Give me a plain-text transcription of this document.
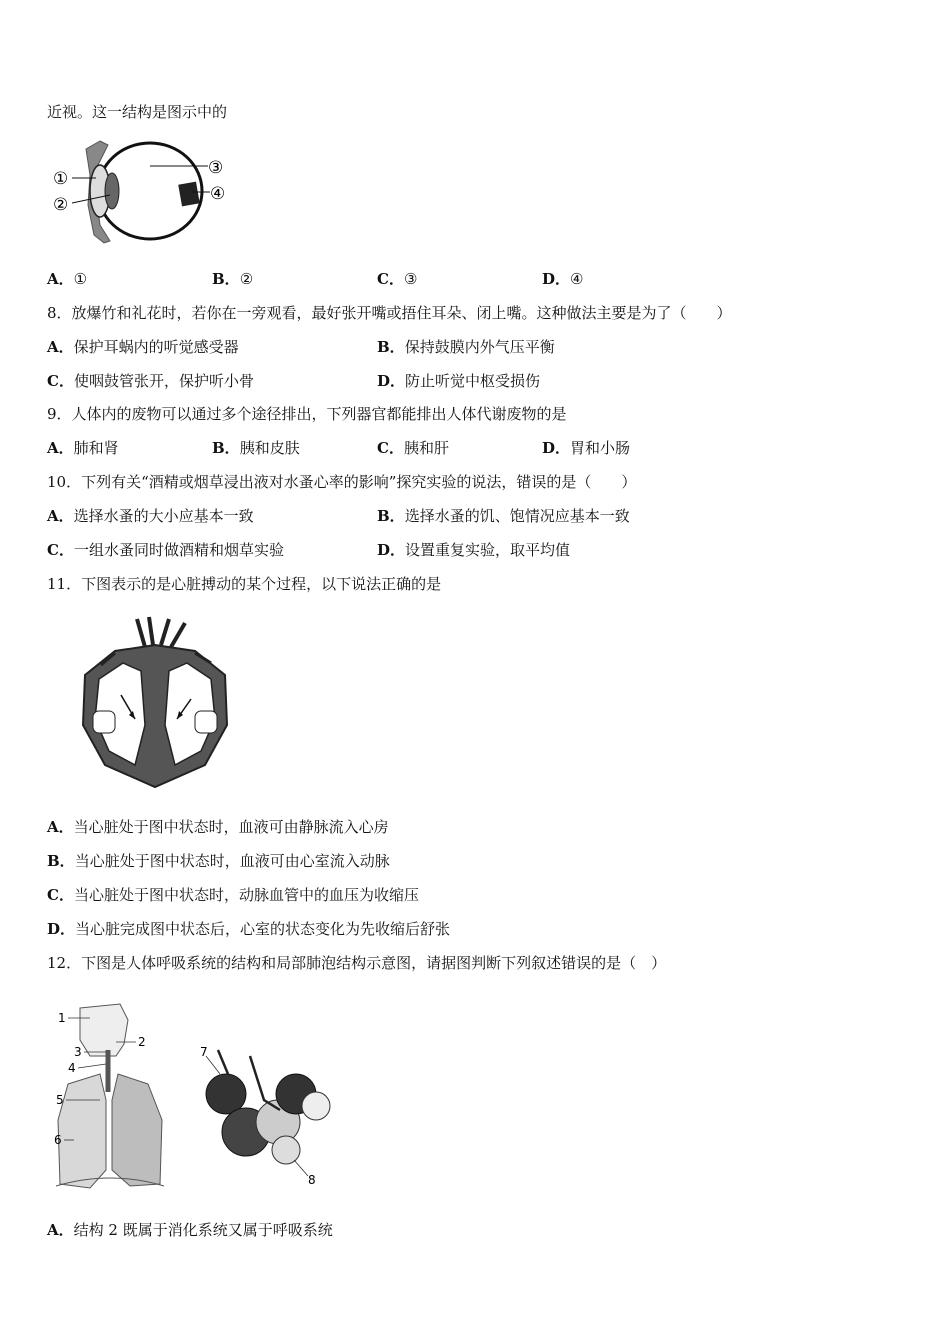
近视。这一结构是图示中的
①
②
③
④
A．①	B．②	C．③	D．④
8．放爆竹和礼花时，若你在一旁观看，最好张开嘴或捂住耳朵、闭上嘴。这种做法主要是为了（　　）
A．保护耳蜗内的听觉感受器	B．保持鼓膜内外气压平衡
C．使咽鼓管张开，保护听小骨	D．防止听觉中枢受损伤
9．人体内的废物可以通过多个途径排出，下列器官都能排出人体代谢废物的是
A．肺和肾	B．胰和皮肤	C．胰和肝	D．胃和小肠
10．下列有关“酒精或烟草浸出液对水蚤心率的影响”探究实验的说法，错误的是（　　）
A．选择水蚤的大小应基本一致	B．选择水蚤的饥、饱情况应基本一致
C．一组水蚤同时做酒精和烟草实验	D．设置重复实验，取平均值
11．下图表示的是心脏搏动的某个过程，以下说法正确的是
A．当心脏处于图中状态时，血液可由静脉流入心房
B．当心脏处于图中状态时，血液可由心室流入动脉
C．当心脏处于图中状态时，动脉血管中的血压为收缩压
D．当心脏完成图中状态后，心室的状态变化为先收缩后舒张
12．下图是人体呼吸系统的结构和局部肺泡结构示意图，请据图判断下列叙述错误的是（　）
1
2
3
4
5
6
7
8
A．结构 2 既属于消化系统又属于呼吸系统
